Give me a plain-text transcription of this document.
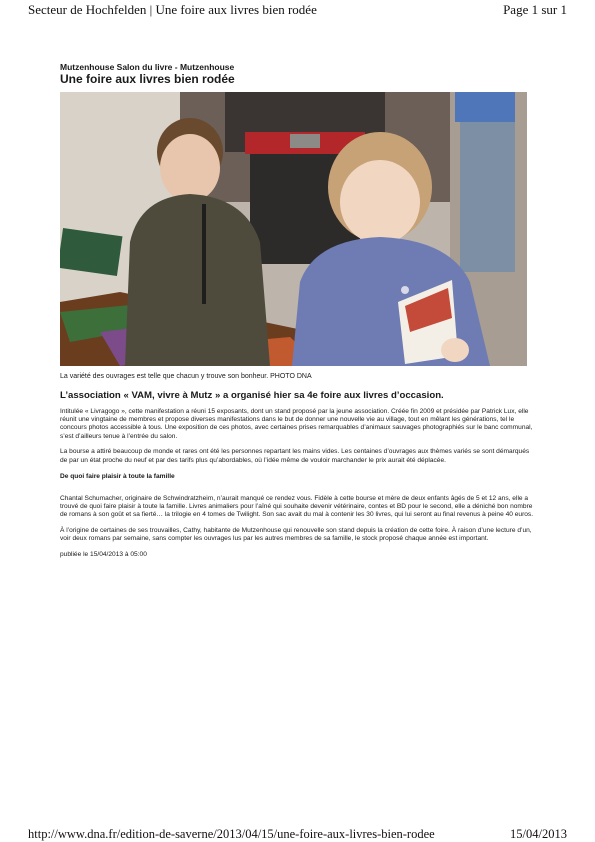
Secteur de Hochfelden | Une foire aux livres bien rodée	Page 1 sur 1

Mutzenhouse Salon du livre - Mutzenhouse

Une foire aux livres bien rodée

La variété des ouvrages est telle que chacun y trouve son bonheur. PHOTO DNA

L’association « VAM, vivre à Mutz » a organisé hier sa 4e foire aux livres d’occasion.

Intitulée « Livragogo », cette manifestation a réuni 15 exposants, dont un stand proposé par la jeune association. Créée fin 2009 et présidée par Patrick Lux, elle réunit une vingtaine de membres et propose diverses manifestations dans le but de donner une nouvelle vie au village, tout en mêlant les générations, tel le concours photos accessible à tous. Une exposition de ces photos, avec certaines prises remarquables d’animaux sauvages photographiés sur le banc communal, s’est d’ailleurs tenue à l’entrée du salon.

La bourse a attiré beaucoup de monde et rares ont été les personnes repartant les mains vides. Les centaines d’ouvrages aux thèmes variés se sont démarqués de par un état proche du neuf et par des tarifs plus qu’abordables, où l’idée même de vouloir marchander le prix aurait été déplacée.

De quoi faire plaisir à toute la famille

Chantal Schumacher, originaire de Schwindratzheim, n’aurait manqué ce rendez vous. Fidèle à cette bourse et mère de deux enfants âgés de 5 et 12 ans, elle a trouvé de quoi faire plaisir à toute la famille. Livres animaliers pour l’aîné qui souhaite devenir vétérinaire, contes et BD pour le second, elle a déniché bon nombre de romans à son goût et sa fierté… la trilogie en 4 tomes de Twilight. Son sac avait du mal à contenir les 30 livres, qui lui seront au final revenus à peine 40 euros.

À l’origine de certaines de ses trouvailles, Cathy, habitante de Mutzenhouse qui renouvelle son stand depuis la création de cette foire. À raison d’une lecture d’un, voir deux romans par semaine, sans compter les ouvrages lus par les autres membres de sa famille, le stock proposé chaque année est important.

publiée le 15/04/2013 à 05:00

http://www.dna.fr/edition-de-saverne/2013/04/15/une-foire-aux-livres-bien-rodee	15/04/2013
